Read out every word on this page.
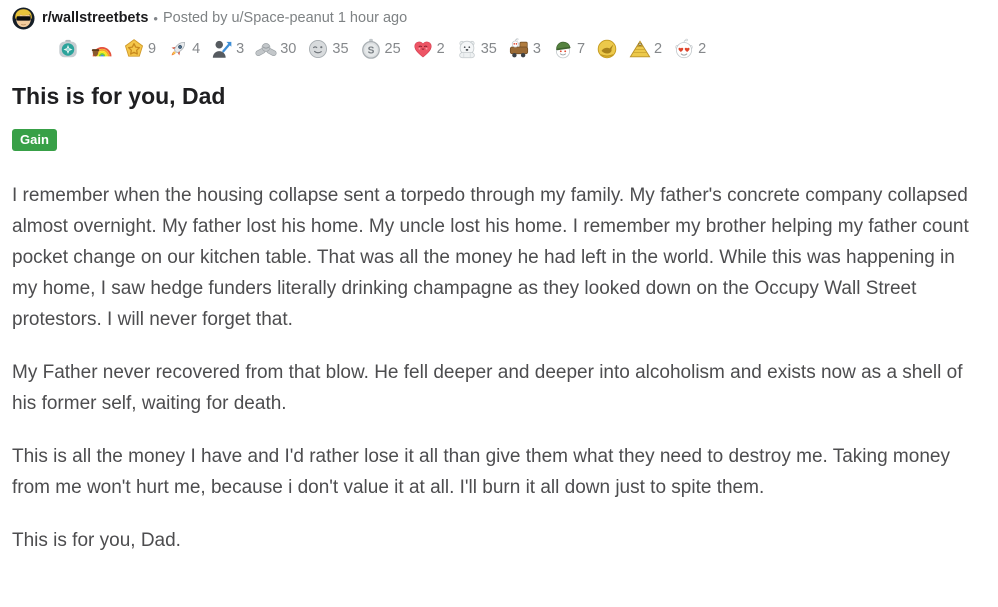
r/wallstreetbets • Posted by u/Space-peanut 1 hour ago
9 4 3 30 35 S 25 2 35 3 7	2 2
This is for you, Dad
Gain

I remember when the housing collapse sent a torpedo through my family. My father's concrete company collapsed almost overnight. My father lost his home. My uncle lost his home. I remember my brother helping my father count pocket change on our kitchen table. That was all the money he had left in the world. While this was happening in my home, I saw hedge funders literally drinking champagne as they looked down on the Occupy Wall Street protestors. I will never forget that.

My Father never recovered from that blow. He fell deeper and deeper into alcoholism and exists now as a shell of his former self, waiting for death.

This is all the money I have and I'd rather lose it all than give them what they need to destroy me. Taking money from me won't hurt me, because i don't value it at all. I'll burn it all down just to spite them.

This is for you, Dad.
